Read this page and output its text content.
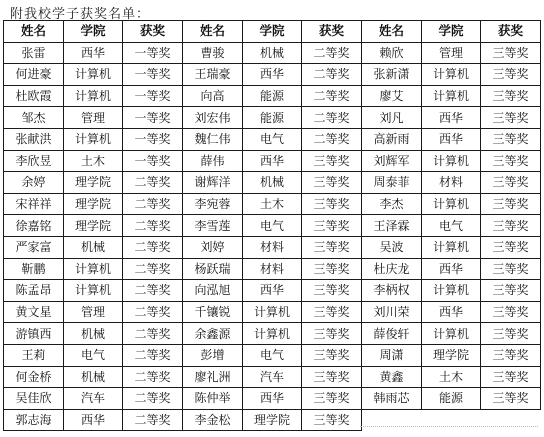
附我校学子获奖名单：
姓名	学院	获奖	姓名	学院	获奖	姓名	学院	获奖
张雷	西华	一等奖	曹骏	机械	二等奖	赖欣	管理	三等奖
何进豪	计算机	一等奖	王瑞豪	西华	二等奖	张新潇	计算机	三等奖
杜欧霞	计算机	一等奖	向高	能源	二等奖	廖艾	计算机	三等奖
邹杰	管理	一等奖	刘宏伟	能源	二等奖	刘凡	西华	三等奖
张献洪	计算机	一等奖	魏仁伟	电气	二等奖	高新雨	西华	三等奖
李欣昱	土木	一等奖	薛伟	西华	三等奖	刘辉军	计算机	三等奖
余婷	理学院	二等奖	谢辉洋	机械	三等奖	周泰菲	材料	三等奖
宋祥祥	理学院	二等奖	李宛蓉	土木	三等奖	李杰	计算机	三等奖
徐嘉铭	理学院	二等奖	李雪莲	电气	三等奖	王泽霖	电气	三等奖
严家富	机械	二等奖	刘婷	材料	三等奖	吴波	计算机	三等奖
靳鹏	计算机	二等奖	杨跃瑞	材料	三等奖	杜庆龙	西华	三等奖
陈孟昂	计算机	二等奖	向泓旭	西华	三等奖	李柄权	计算机	三等奖
黄文星	管理	二等奖	千镶锐	计算机	三等奖	刘川荣	西华	三等奖
游镇西	机械	二等奖	余鑫源	计算机	三等奖	薛俊轩	计算机	三等奖
王莉	电气	二等奖	彭增	电气	三等奖	周潇	理学院	三等奖
何金桥	机械	二等奖	廖礼洲	汽车	三等奖	黄鑫	土木	三等奖
吴佳欣	汽车	二等奖	陈仲举	西华	三等奖	韩雨芯	能源	三等奖
郭志海	西华	二等奖	李金松	理学院	三等奖			
